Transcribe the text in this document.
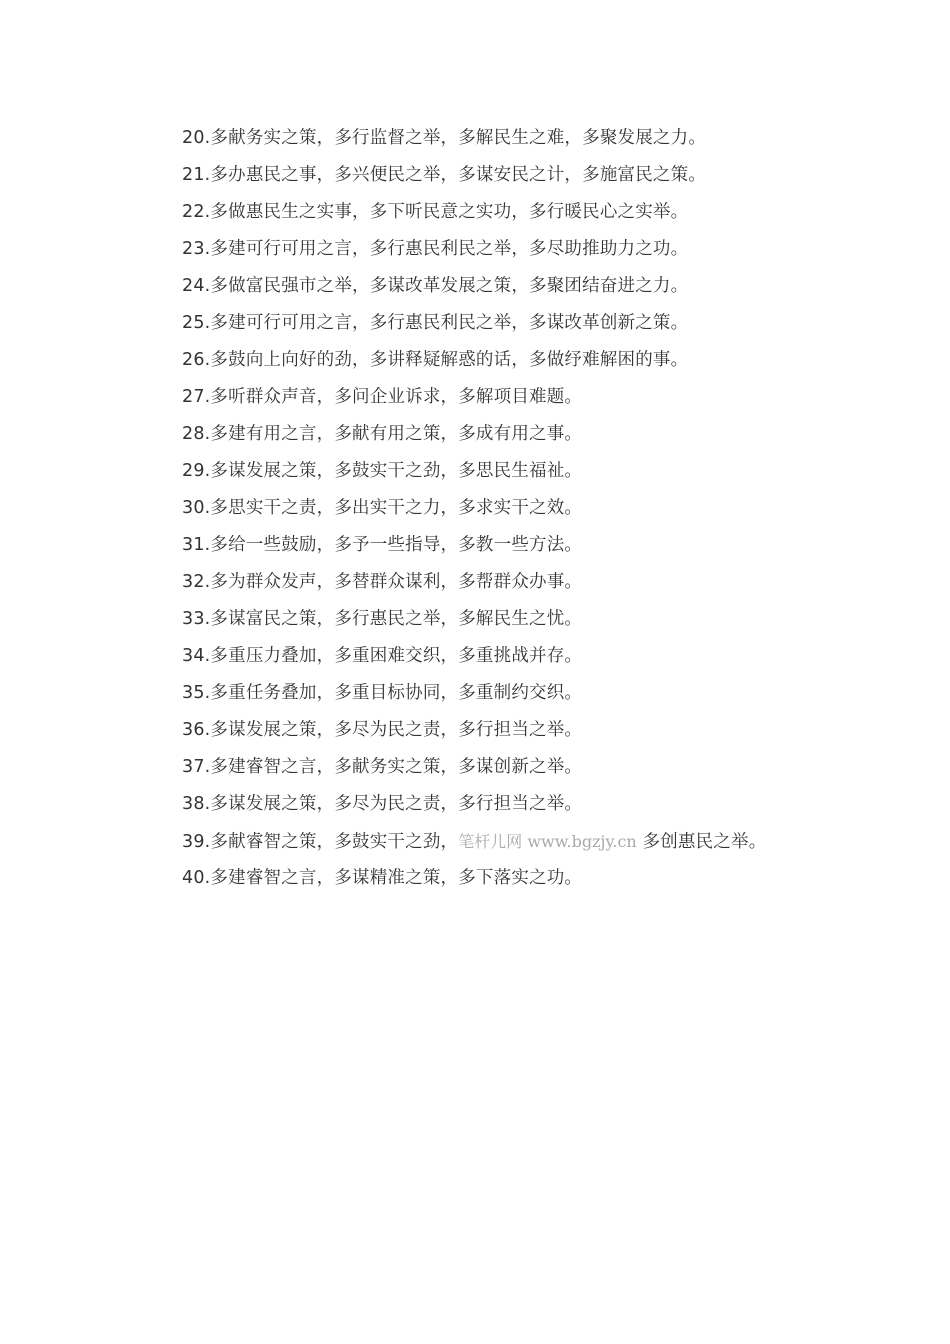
20.多献务实之策，多行监督之举，多解民生之难，多聚发展之力。
21.多办惠民之事，多兴便民之举，多谋安民之计，多施富民之策。
22.多做惠民生之实事，多下听民意之实功，多行暖民心之实举。
23.多建可行可用之言，多行惠民利民之举，多尽助推助力之功。
24.多做富民强市之举，多谋改革发展之策，多聚团结奋进之力。
25.多建可行可用之言，多行惠民利民之举，多谋改革创新之策。
26.多鼓向上向好的劲，多讲释疑解惑的话，多做纾难解困的事。
27.多听群众声音，多问企业诉求，多解项目难题。
28.多建有用之言，多献有用之策，多成有用之事。
29.多谋发展之策，多鼓实干之劲，多思民生福祉。
30.多思实干之责，多出实干之力，多求实干之效。
31.多给一些鼓励，多予一些指导，多教一些方法。
32.多为群众发声，多替群众谋利，多帮群众办事。
33.多谋富民之策，多行惠民之举，多解民生之忧。
34.多重压力叠加，多重困难交织，多重挑战并存。
35.多重任务叠加，多重目标协同，多重制约交织。
36.多谋发展之策，多尽为民之责，多行担当之举。
37.多建睿智之言，多献务实之策，多谋创新之举。
38.多谋发展之策，多尽为民之责，多行担当之举。
39.多献睿智之策，多鼓实干之劲，笔杆儿网 www.bgzjy.cn 多创惠民之举。
40.多建睿智之言，多谋精准之策，多下落实之功。
